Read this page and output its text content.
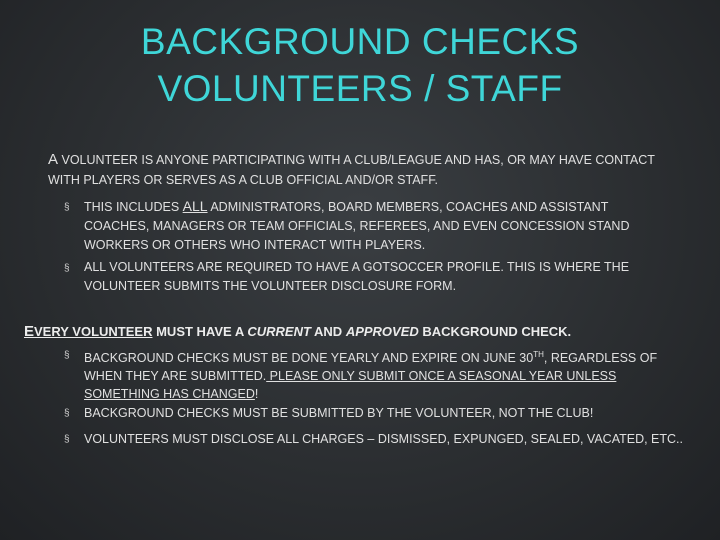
BACKGROUND CHECKS
VOLUNTEERS / STAFF
A VOLUNTEER IS ANYONE PARTICIPATING WITH A CLUB/LEAGUE AND HAS, OR MAY HAVE CONTACT WITH PLAYERS OR SERVES AS A CLUB OFFICIAL AND/OR STAFF.
§	THIS INCLUDES ALL ADMINISTRATORS, BOARD MEMBERS, COACHES AND ASSISTANT COACHES, MANAGERS OR TEAM OFFICIALS, REFEREES, AND EVEN CONCESSION STAND WORKERS OR OTHERS WHO INTERACT WITH PLAYERS.
§	ALL VOLUNTEERS ARE REQUIRED TO HAVE A GOTSOCCER PROFILE. THIS IS WHERE THE VOLUNTEER SUBMITS THE VOLUNTEER DISCLOSURE FORM.
EVERY VOLUNTEER MUST HAVE A CURRENT AND APPROVED BACKGROUND CHECK.
§	BACKGROUND CHECKS MUST BE DONE YEARLY AND EXPIRE ON JUNE 30TH, REGARDLESS OF WHEN THEY ARE SUBMITTED. PLEASE ONLY SUBMIT ONCE A SEASONAL YEAR UNLESS SOMETHING HAS CHANGED!
§	BACKGROUND CHECKS MUST BE SUBMITTED BY THE VOLUNTEER, NOT THE CLUB!
§	VOLUNTEERS MUST DISCLOSE ALL CHARGES – DISMISSED, EXPUNGED, SEALED, VACATED, ETC..
